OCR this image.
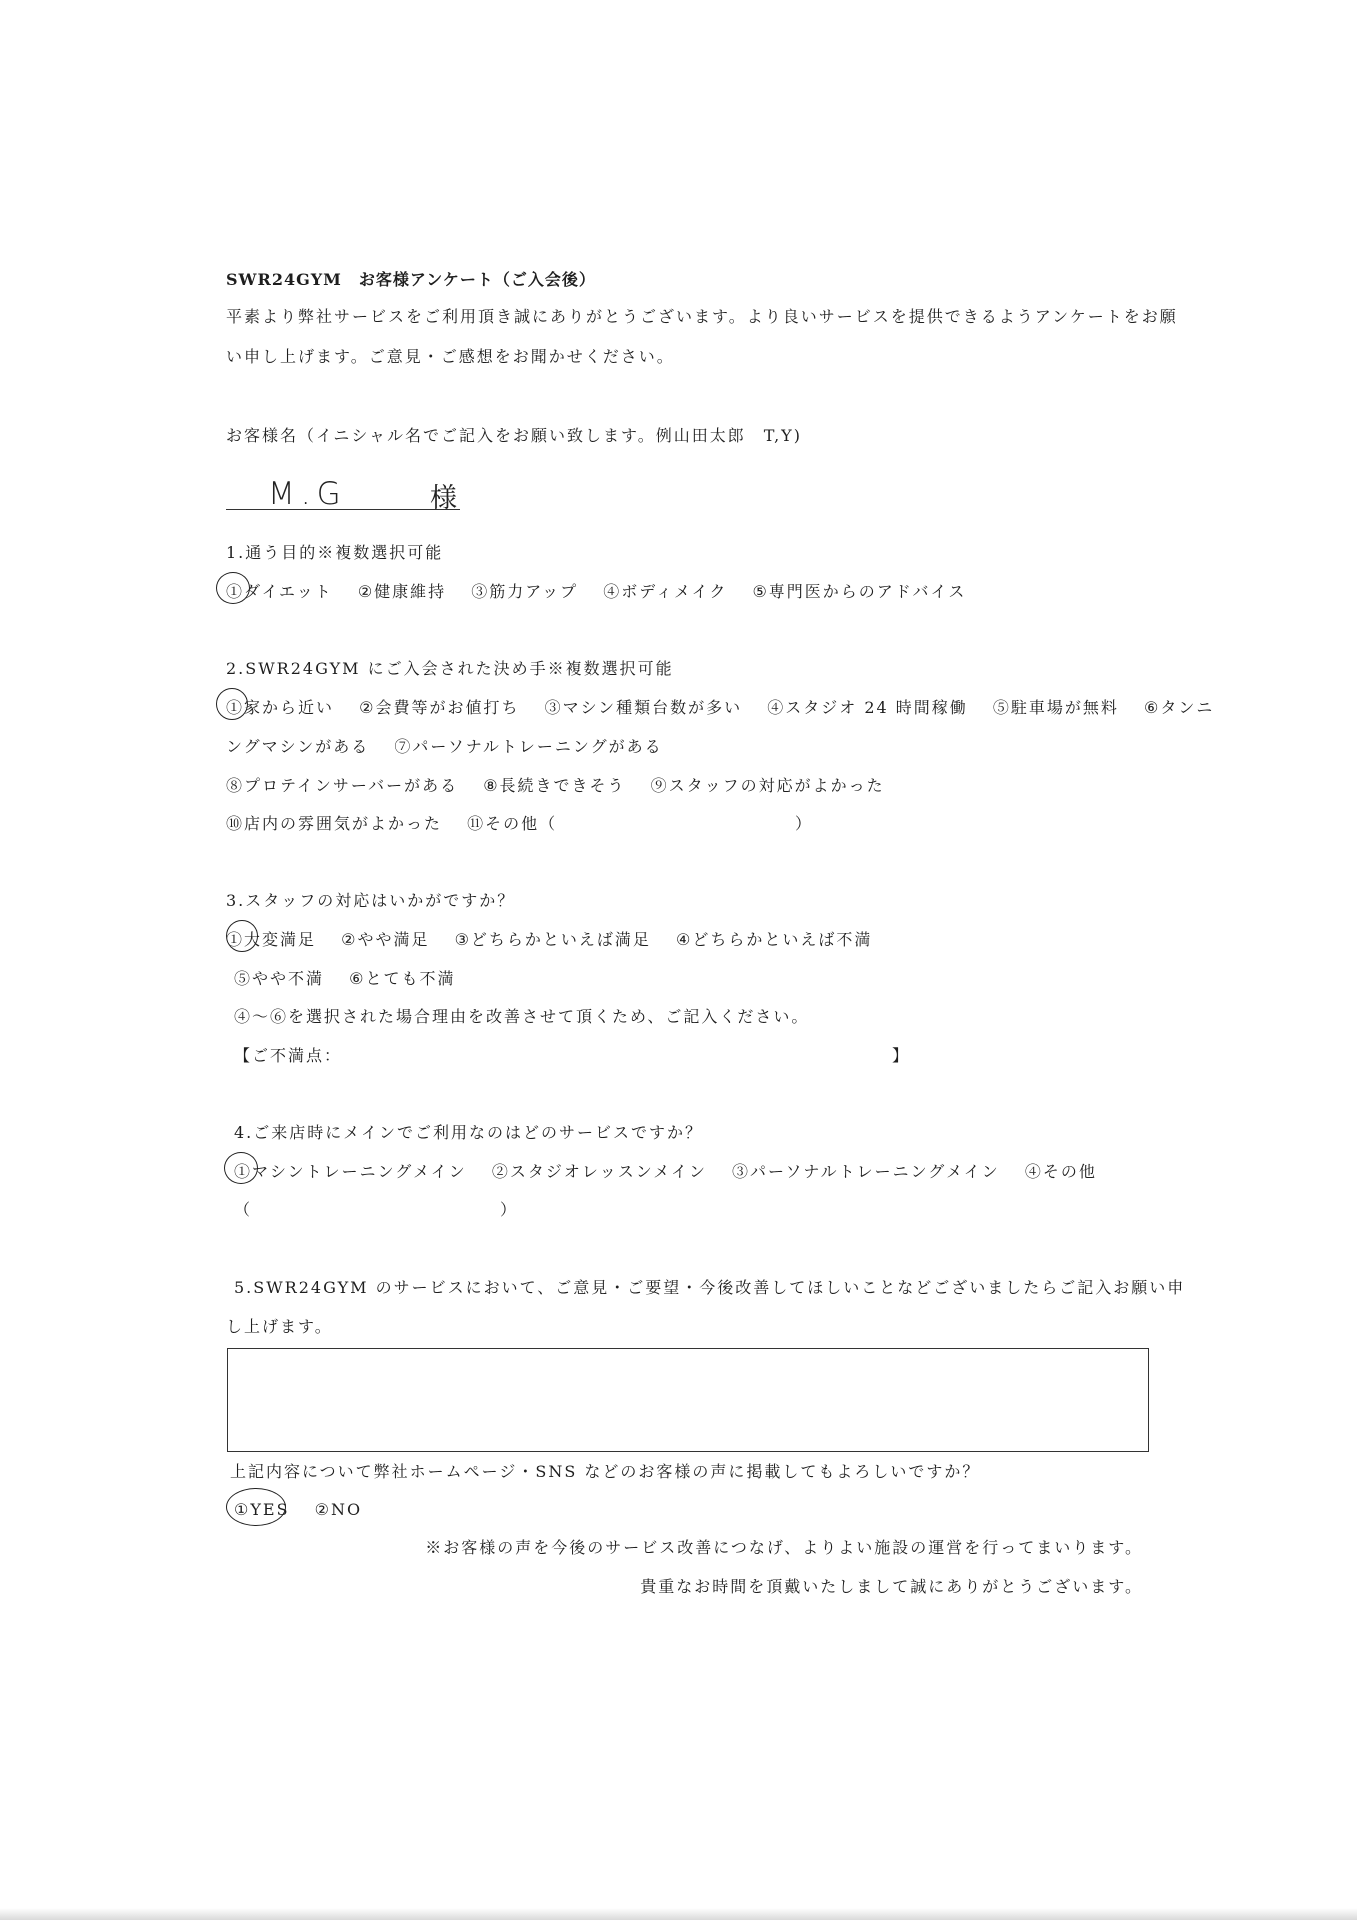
SWR24GYM　お客様アンケート（ご入会後）
平素より弊社サービスをご利用頂き誠にありがとうございます。より良いサービスを提供できるようアンケートをお願
い申し上げます。ご意見・ご感想をお聞かせください。
お客様名（イニシャル名でご記入をお願い致します。例山田太郎　T,Y)
M.G	様
1.通う目的※複数選択可能
①ダイエット ②健康維持 ③筋力アップ ④ボディメイク ⑤専門医からのアドバイス
2.SWR24GYM にご入会された決め手※複数選択可能
①家から近い ②会費等がお値打ち ③マシン種類台数が多い ④スタジオ 24 時間稼働 ⑤駐車場が無料 ⑥タンニ
ングマシンがある ⑦パーソナルトレーニングがある
⑧プロテインサーバーがある ⑧長続きできそう ⑨スタッフの対応がよかった
⑩店内の雰囲気がよかった ⑪その他（	）
3.スタッフの対応はいかがですか？
①大変満足 ②やや満足 ③どちらかといえば満足 ④どちらかといえば不満
⑤やや不満 ⑥とても不満
④～⑥を選択された場合理由を改善させて頂くため、ご記入ください。
【ご不満点：	】
4.ご来店時にメインでご利用なのはどのサービスですか？
①マシントレーニングメイン ②スタジオレッスンメイン ③パーソナルトレーニングメイン ④その他
（	）
5.SWR24GYM のサービスにおいて、ご意見・ご要望・今後改善してほしいことなどございましたらご記入お願い申
し上げます。
上記内容について弊社ホームページ・SNS などのお客様の声に掲載してもよろしいですか？
①YES ②NO
※お客様の声を今後のサービス改善につなげ、よりよい施設の運営を行ってまいります。
貴重なお時間を頂戴いたしまして誠にありがとうございます。
